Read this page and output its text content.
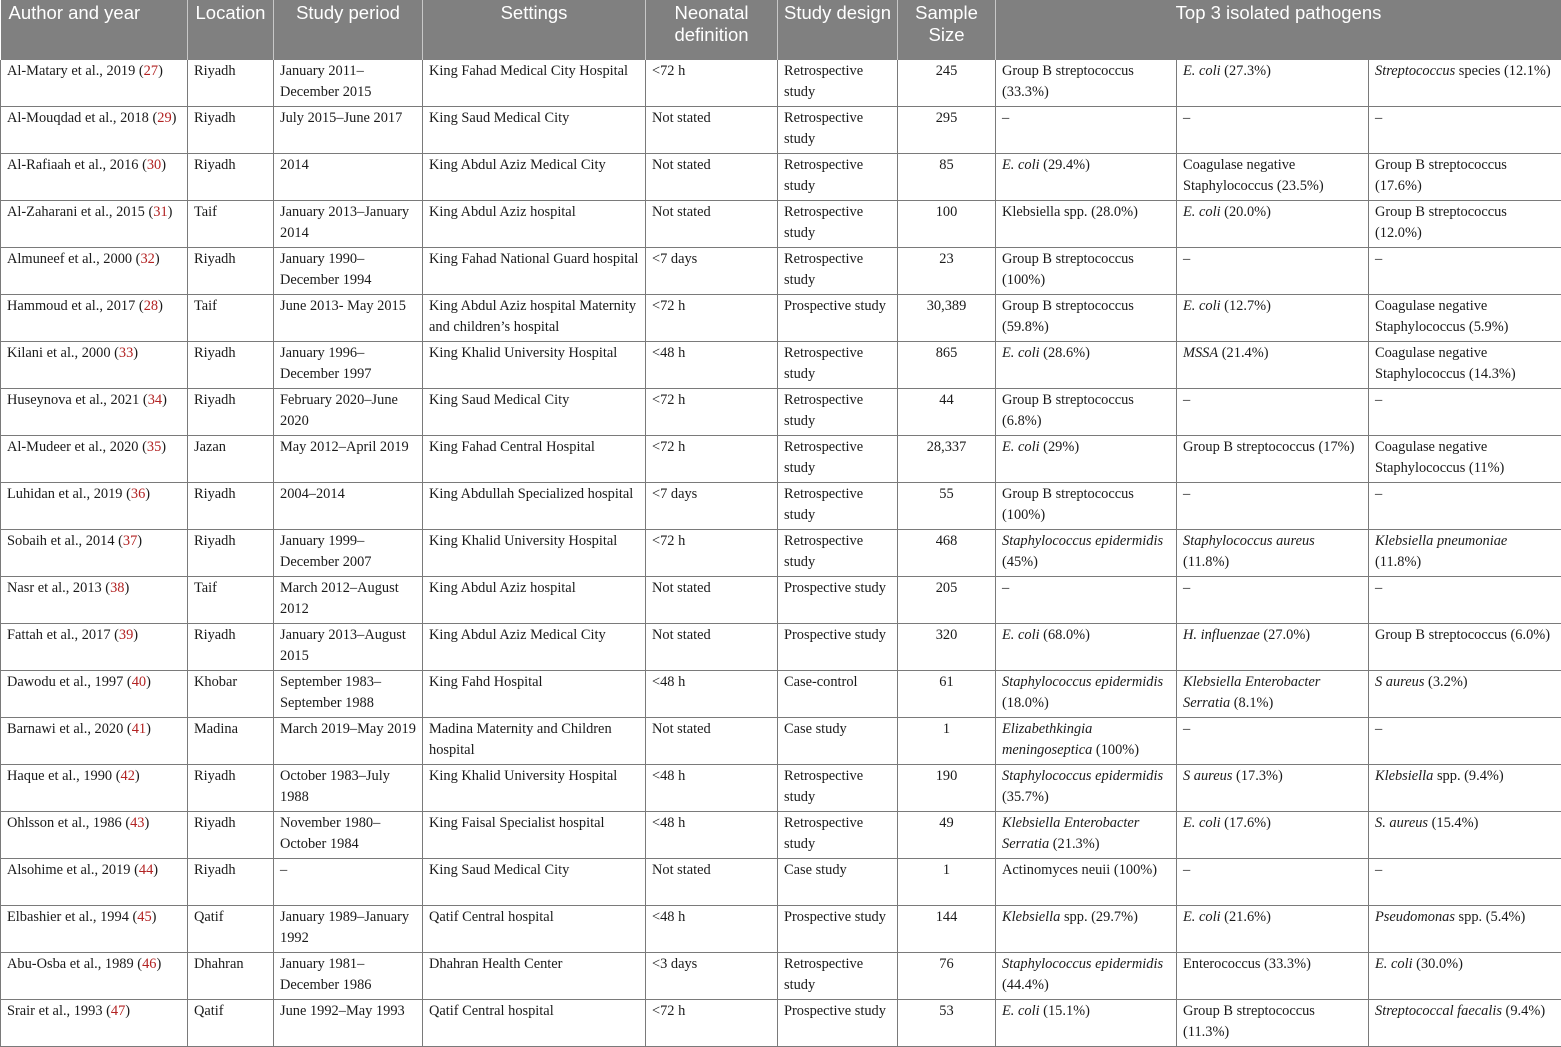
Author and year	Location	Study period	Settings	Neonatal definition	Study design	Sample Size	Top 3 isolated pathogens		
Al-Matary et al., 2019 (27)	Riyadh	January 2011–December 2015	King Fahad Medical City Hospital	<72 h	Retrospective study	245	Group B streptococcus (33.3%)	E. coli (27.3%)	Streptococcus species (12.1%)
Al-Mouqdad et al., 2018 (29)	Riyadh	July 2015–June 2017	King Saud Medical City	Not stated	Retrospective study	295	–	–	–
Al-Rafiaah et al., 2016 (30)	Riyadh	2014	King Abdul Aziz Medical City	Not stated	Retrospective study	85	E. coli (29.4%)	Coagulase negative Staphylococcus (23.5%)	Group B streptococcus (17.6%)
Al-Zaharani et al., 2015 (31)	Taif	January 2013–January 2014	King Abdul Aziz hospital	Not stated	Retrospective study	100	Klebsiella spp. (28.0%)	E. coli (20.0%)	Group B streptococcus (12.0%)
Almuneef et al., 2000 (32)	Riyadh	January 1990–December 1994	King Fahad National Guard hospital	<7 days	Retrospective study	23	Group B streptococcus (100%)	–	–
Hammoud et al., 2017 (28)	Taif	June 2013- May 2015	King Abdul Aziz hospital Maternity and children’s hospital	<72 h	Prospective study	30,389	Group B streptococcus (59.8%)	E. coli (12.7%)	Coagulase negative Staphylococcus (5.9%)
Kilani et al., 2000 (33)	Riyadh	January 1996–December 1997	King Khalid University Hospital	<48 h	Retrospective study	865	E. coli (28.6%)	MSSA (21.4%)	Coagulase negative Staphylococcus (14.3%)
Huseynova et al., 2021 (34)	Riyadh	February 2020–June 2020	King Saud Medical City	<72 h	Retrospective study	44	Group B streptococcus (6.8%)	–	–
Al-Mudeer et al., 2020 (35)	Jazan	May 2012–April 2019	King Fahad Central Hospital	<72 h	Retrospective study	28,337	E. coli (29%)	Group B streptococcus (17%)	Coagulase negative Staphylococcus (11%)
Luhidan et al., 2019 (36)	Riyadh	2004–2014	King Abdullah Specialized hospital	<7 days	Retrospective study	55	Group B streptococcus (100%)	–	–
Sobaih et al., 2014 (37)	Riyadh	January 1999–December 2007	King Khalid University Hospital	<72 h	Retrospective study	468	Staphylococcus epidermidis (45%)	Staphylococcus aureus (11.8%)	Klebsiella pneumoniae (11.8%)
Nasr et al., 2013 (38)	Taif	March 2012–August 2012	King Abdul Aziz hospital	Not stated	Prospective study	205	–	–	–
Fattah et al., 2017 (39)	Riyadh	January 2013–August 2015	King Abdul Aziz Medical City	Not stated	Prospective study	320	E. coli (68.0%)	H. influenzae (27.0%)	Group B streptococcus (6.0%)
Dawodu et al., 1997 (40)	Khobar	September 1983–September 1988	King Fahd Hospital	<48 h	Case-control	61	Staphylococcus epidermidis (18.0%)	Klebsiella Enterobacter Serratia (8.1%)	S aureus (3.2%)
Barnawi et al., 2020 (41)	Madina	March 2019–May 2019	Madina Maternity and Children hospital	Not stated	Case study	1	Elizabethkingia meningoseptica (100%)	–	–
Haque et al., 1990 (42)	Riyadh	October 1983–July 1988	King Khalid University Hospital	<48 h	Retrospective study	190	Staphylococcus epidermidis (35.7%)	S aureus (17.3%)	Klebsiella spp. (9.4%)
Ohlsson et al., 1986 (43)	Riyadh	November 1980–October 1984	King Faisal Specialist hospital	<48 h	Retrospective study	49	Klebsiella Enterobacter Serratia (21.3%)	E. coli (17.6%)	S. aureus (15.4%)
Alsohime et al., 2019 (44)	Riyadh	–	King Saud Medical City	Not stated	Case study	1	Actinomyces neuii (100%)	–	–
Elbashier et al., 1994 (45)	Qatif	January 1989–January 1992	Qatif Central hospital	<48 h	Prospective study	144	Klebsiella spp. (29.7%)	E. coli (21.6%)	Pseudomonas spp. (5.4%)
Abu-Osba et al., 1989 (46)	Dhahran	January 1981–December 1986	Dhahran Health Center	<3 days	Retrospective study	76	Staphylococcus epidermidis (44.4%)	Enterococcus (33.3%)	E. coli (30.0%)
Srair et al., 1993 (47)	Qatif	June 1992–May 1993	Qatif Central hospital	<72 h	Prospective study	53	E. coli (15.1%)	Group B streptococcus (11.3%)	Streptococcal faecalis (9.4%)
